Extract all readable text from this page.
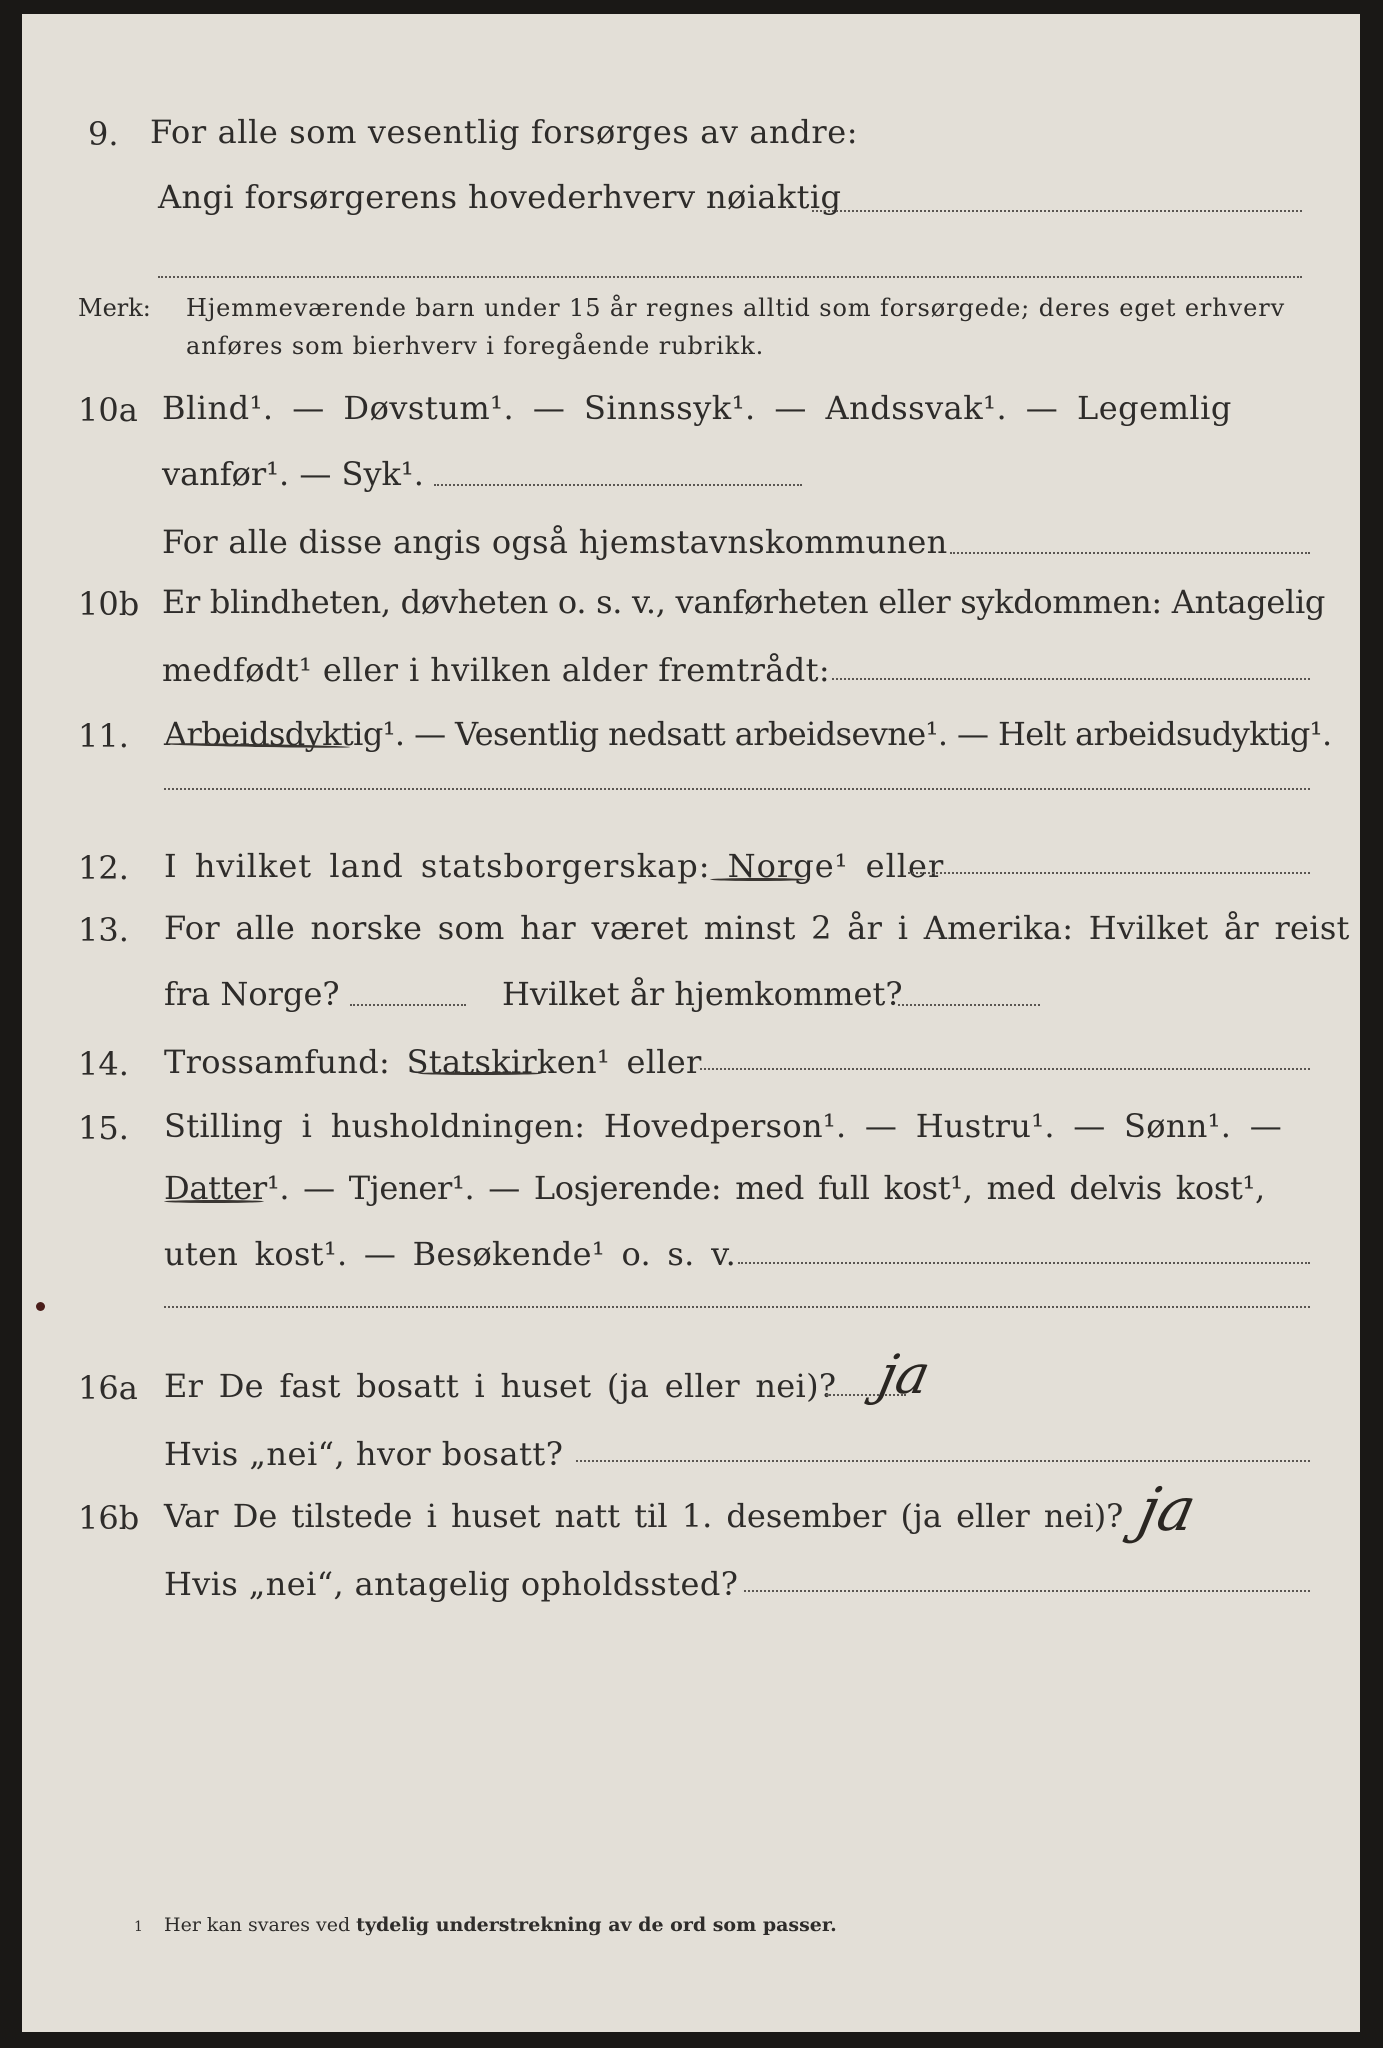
9. For alle som vesentlig forsørges av andre:
Angi forsørgerens hovederhverv nøiaktig
Merk: Hjemmeværende barn under 15 år regnes alltid som forsørgede; deres eget erhverv
anføres som bierhverv i foregående rubrikk.
10a Blind¹. — Døvstum¹. — Sinnssyk¹. — Andssvak¹. — Legemlig
vanfør¹. — Syk¹.
For alle disse angis også hjemstavnskommunen
10b Er blindheten, døvheten o. s. v., vanførheten eller sykdommen: Antagelig
medfødt¹ eller i hvilken alder fremtrådt:
11. Arbeidsdyktig¹. — Vesentlig nedsatt arbeidsevne¹. — Helt arbeidsudyktig¹.
12. I hvilket land statsborgerskap: Norge¹ eller
13. For alle norske som har været minst 2 år i Amerika: Hvilket år reist
fra Norge?	Hvilket år hjemkommet?
14. Trossamfund: Statskirken¹ eller
15. Stilling i husholdningen: Hovedperson¹. — Hustru¹. — Sønn¹. —
Datter¹. — Tjener¹. — Losjerende: med full kost¹, med delvis kost¹,
uten kost¹. — Besøkende¹ o. s. v.
16a Er De fast bosatt i huset (ja eller nei)? ja
Hvis „nei“, hvor bosatt?
16b Var De tilstede i huset natt til 1. desember (ja eller nei)? ja
Hvis „nei“, antagelig opholdssted?
1 Her kan svares ved tydelig understrekning av de ord som passer.
